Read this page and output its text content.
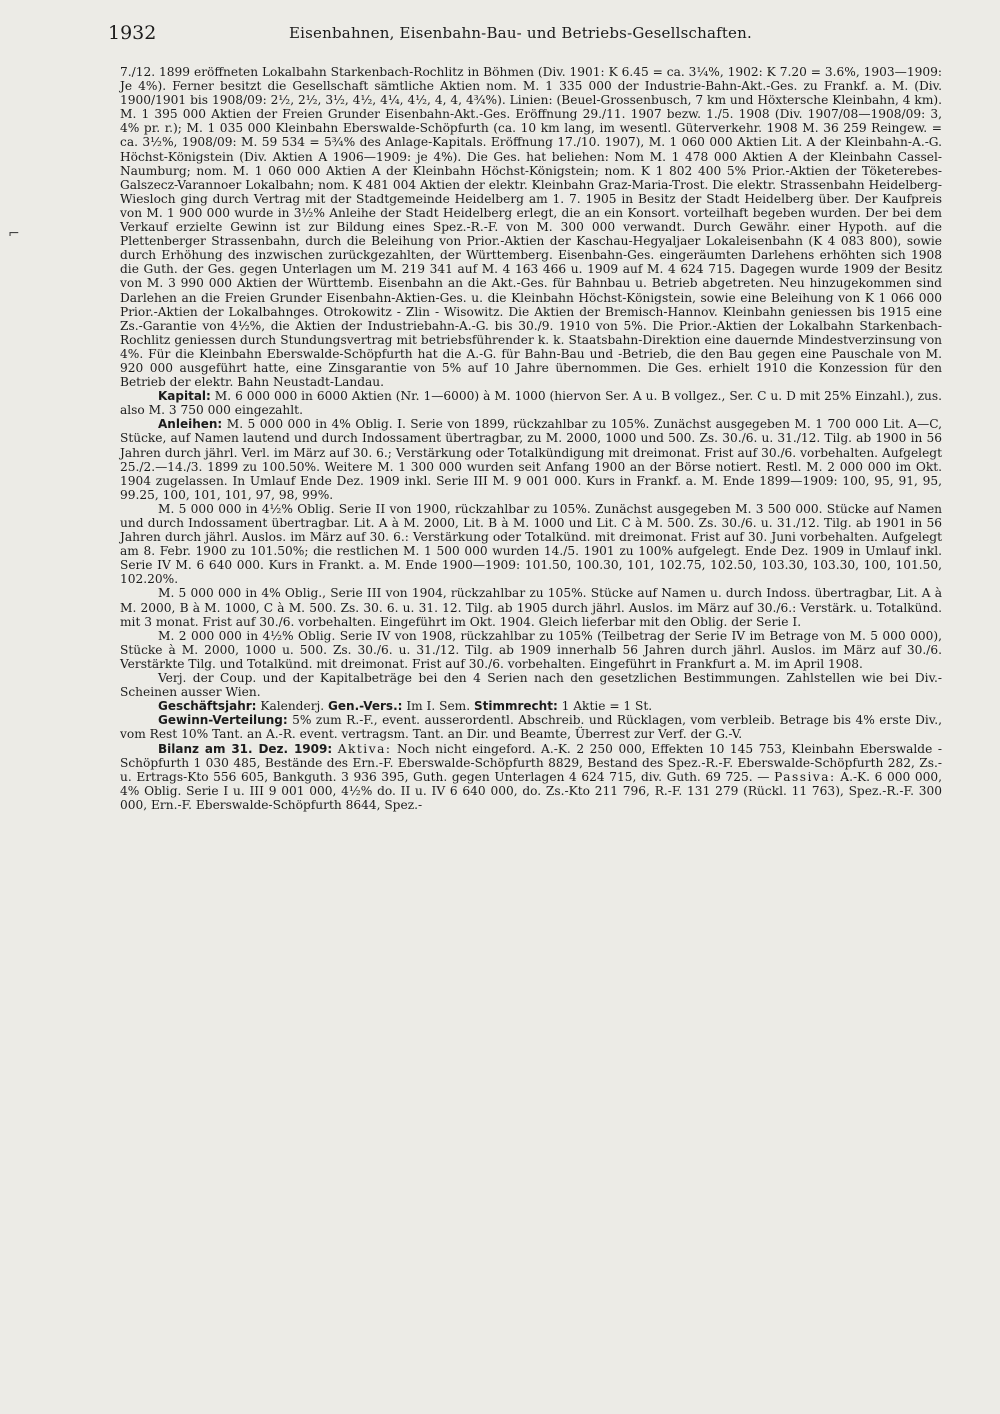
1932	Eisenbahnen, Eisenbahn-Bau- und Betriebs-Gesellschaften.
⌐

7./12. 1899 eröffneten Lokalbahn Starkenbach-Rochlitz in Böhmen (Div. 1901: K 6.45 = ca. 3¼%, 1902: K 7.20 = 3.6%, 1903—1909: Je 4%). Ferner besitzt die Gesellschaft sämtliche Aktien nom. M. 1 335 000 der Industrie-Bahn-Akt.-Ges. zu Frankf. a. M. (Div. 1900/1901 bis 1908/09: 2½, 2½, 3½, 4½, 4¼, 4½, 4, 4, 4¾%). Linien: (Beuel-Grossenbusch, 7 km und Höxtersche Kleinbahn, 4 km). M. 1 395 000 Aktien der Freien Grunder Eisenbahn-Akt.-Ges. Eröffnung 29./11. 1907 bezw. 1./5. 1908 (Div. 1907/08—1908/09: 3, 4% pr. r.); M. 1 035 000 Kleinbahn Eberswalde-Schöpfurth (ca. 10 km lang, im wesentl. Güterverkehr. 1908 M. 36 259 Reingew. = ca. 3½%, 1908/09: M. 59 534 = 5¾% des Anlage-Kapitals. Eröffnung 17./10. 1907), M. 1 060 000 Aktien Lit. A der Kleinbahn-A.-G. Höchst-Königstein (Div. Aktien A 1906—1909: je 4%). Die Ges. hat beliehen: Nom M. 1 478 000 Aktien A der Kleinbahn Cassel-Naumburg; nom. M. 1 060 000 Aktien A der Kleinbahn Höchst-Königstein; nom. K 1 802 400 5% Prior.-Aktien der Töketerebes-Galszecz-Varannoer Lokalbahn; nom. K 481 004 Aktien der elektr. Kleinbahn Graz-Maria-Trost. Die elektr. Strassenbahn Heidelberg-Wiesloch ging durch Vertrag mit der Stadtgemeinde Heidelberg am 1. 7. 1905 in Besitz der Stadt Heidelberg über. Der Kaufpreis von M. 1 900 000 wurde in 3½% Anleihe der Stadt Heidelberg erlegt, die an ein Konsort. vorteilhaft begeben wurden. Der bei dem Verkauf erzielte Gewinn ist zur Bildung eines Spez.-R.-F. von M. 300 000 verwandt. Durch Gewähr. einer Hypoth. auf die Plettenberger Strassenbahn, durch die Beleihung von Prior.-Aktien der Kaschau-Hegyaljaer Lokaleisenbahn (K 4 083 800), sowie durch Erhöhung des inzwischen zurückgezahlten, der Württemberg. Eisenbahn-Ges. eingeräumten Darlehens erhöhten sich 1908 die Guth. der Ges. gegen Unterlagen um M. 219 341 auf M. 4 163 466 u. 1909 auf M. 4 624 715. Dagegen wurde 1909 der Besitz von M. 3 990 000 Aktien der Württemb. Eisenbahn an die Akt.-Ges. für Bahnbau u. Betrieb abgetreten. Neu hinzugekommen sind Darlehen an die Freien Grunder Eisenbahn-Aktien-Ges. u. die Kleinbahn Höchst-Königstein, sowie eine Beleihung von K 1 066 000 Prior.-Aktien der Lokalbahnges. Otrokowitz - Zlin - Wisowitz. Die Aktien der Bremisch-Hannov. Kleinbahn geniessen bis 1915 eine Zs.-Garantie von 4½%, die Aktien der Industriebahn-A.-G. bis 30./9. 1910 von 5%. Die Prior.-Aktien der Lokalbahn Starkenbach-Rochlitz geniessen durch Stundungsvertrag mit betriebsführender k. k. Staatsbahn-Direktion eine dauernde Mindestverzinsung von 4%. Für die Kleinbahn Eberswalde-Schöpfurth hat die A.-G. für Bahn-Bau und -Betrieb, die den Bau gegen eine Pauschale von M. 920 000 ausgeführt hatte, eine Zinsgarantie von 5% auf 10 Jahre übernommen. Die Ges. erhielt 1910 die Konzession für den Betrieb der elektr. Bahn Neustadt-Landau.

Kapital: M. 6 000 000 in 6000 Aktien (Nr. 1—6000) à M. 1000 (hiervon Ser. A u. B vollgez., Ser. C u. D mit 25% Einzahl.), zus. also M. 3 750 000 eingezahlt.

Anleihen: M. 5 000 000 in 4% Oblig. I. Serie von 1899, rückzahlbar zu 105%. Zunächst ausgegeben M. 1 700 000 Lit. A—C, Stücke, auf Namen lautend und durch Indossament übertragbar, zu M. 2000, 1000 und 500. Zs. 30./6. u. 31./12. Tilg. ab 1900 in 56 Jahren durch jährl. Verl. im März auf 30. 6.; Verstärkung oder Totalkündigung mit dreimonat. Frist auf 30./6. vorbehalten. Aufgelegt 25./2.—14./3. 1899 zu 100.50%. Weitere M. 1 300 000 wurden seit Anfang 1900 an der Börse notiert. Restl. M. 2 000 000 im Okt. 1904 zugelassen. In Umlauf Ende Dez. 1909 inkl. Serie III M. 9 001 000. Kurs in Frankf. a. M. Ende 1899—1909: 100, 95, 91, 95, 99.25, 100, 101, 101, 97, 98, 99%.

M. 5 000 000 in 4½% Oblig. Serie II von 1900, rückzahlbar zu 105%. Zunächst ausgegeben M. 3 500 000. Stücke auf Namen und durch Indossament übertragbar. Lit. A à M. 2000, Lit. B à M. 1000 und Lit. C à M. 500. Zs. 30./6. u. 31./12. Tilg. ab 1901 in 56 Jahren durch jährl. Auslos. im März auf 30. 6.: Verstärkung oder Totalkünd. mit dreimonat. Frist auf 30. Juni vorbehalten. Aufgelegt am 8. Febr. 1900 zu 101.50%; die restlichen M. 1 500 000 wurden 14./5. 1901 zu 100% aufgelegt. Ende Dez. 1909 in Umlauf inkl. Serie IV M. 6 640 000. Kurs in Frankt. a. M. Ende 1900—1909: 101.50, 100.30, 101, 102.75, 102.50, 103.30, 103.30, 100, 101.50, 102.20%.

M. 5 000 000 in 4% Oblig., Serie III von 1904, rückzahlbar zu 105%. Stücke auf Namen u. durch Indoss. übertragbar, Lit. A à M. 2000, B à M. 1000, C à M. 500. Zs. 30. 6. u. 31. 12. Tilg. ab 1905 durch jährl. Auslos. im März auf 30./6.: Verstärk. u. Totalkünd. mit 3 monat. Frist auf 30./6. vorbehalten. Eingeführt im Okt. 1904. Gleich lieferbar mit den Oblig. der Serie I.

M. 2 000 000 in 4½% Oblig. Serie IV von 1908, rückzahlbar zu 105% (Teilbetrag der Serie IV im Betrage von M. 5 000 000), Stücke à M. 2000, 1000 u. 500. Zs. 30./6. u. 31./12. Tilg. ab 1909 innerhalb 56 Jahren durch jährl. Auslos. im März auf 30./6. Verstärkte Tilg. und Totalkünd. mit dreimonat. Frist auf 30./6. vorbehalten. Eingeführt in Frankfurt a. M. im April 1908.

Verj. der Coup. und der Kapitalbeträge bei den 4 Serien nach den gesetzlichen Bestimmungen. Zahlstellen wie bei Div.-Scheinen ausser Wien.

Geschäftsjahr: Kalenderj. Gen.-Vers.: Im I. Sem. Stimmrecht: 1 Aktie = 1 St.

Gewinn-Verteilung: 5% zum R.-F., event. ausserordentl. Abschreib. und Rücklagen, vom verbleib. Betrage bis 4% erste Div., vom Rest 10% Tant. an A.-R. event. vertragsm. Tant. an Dir. und Beamte, Überrest zur Verf. der G.-V.

Bilanz am 31. Dez. 1909: Aktiva: Noch nicht eingeford. A.-K. 2 250 000, Effekten 10 145 753, Kleinbahn Eberswalde - Schöpfurth 1 030 485, Bestände des Ern.-F. Eberswalde-Schöpfurth 8829, Bestand des Spez.-R.-F. Eberswalde-Schöpfurth 282, Zs.- u. Ertrags-Kto 556 605, Bankguth. 3 936 395, Guth. gegen Unterlagen 4 624 715, div. Guth. 69 725. — Passiva: A.-K. 6 000 000, 4% Oblig. Serie I u. III 9 001 000, 4½% do. II u. IV 6 640 000, do. Zs.-Kto 211 796, R.-F. 131 279 (Rückl. 11 763), Spez.-R.-F. 300 000, Ern.-F. Eberswalde-Schöpfurth 8644, Spez.-
